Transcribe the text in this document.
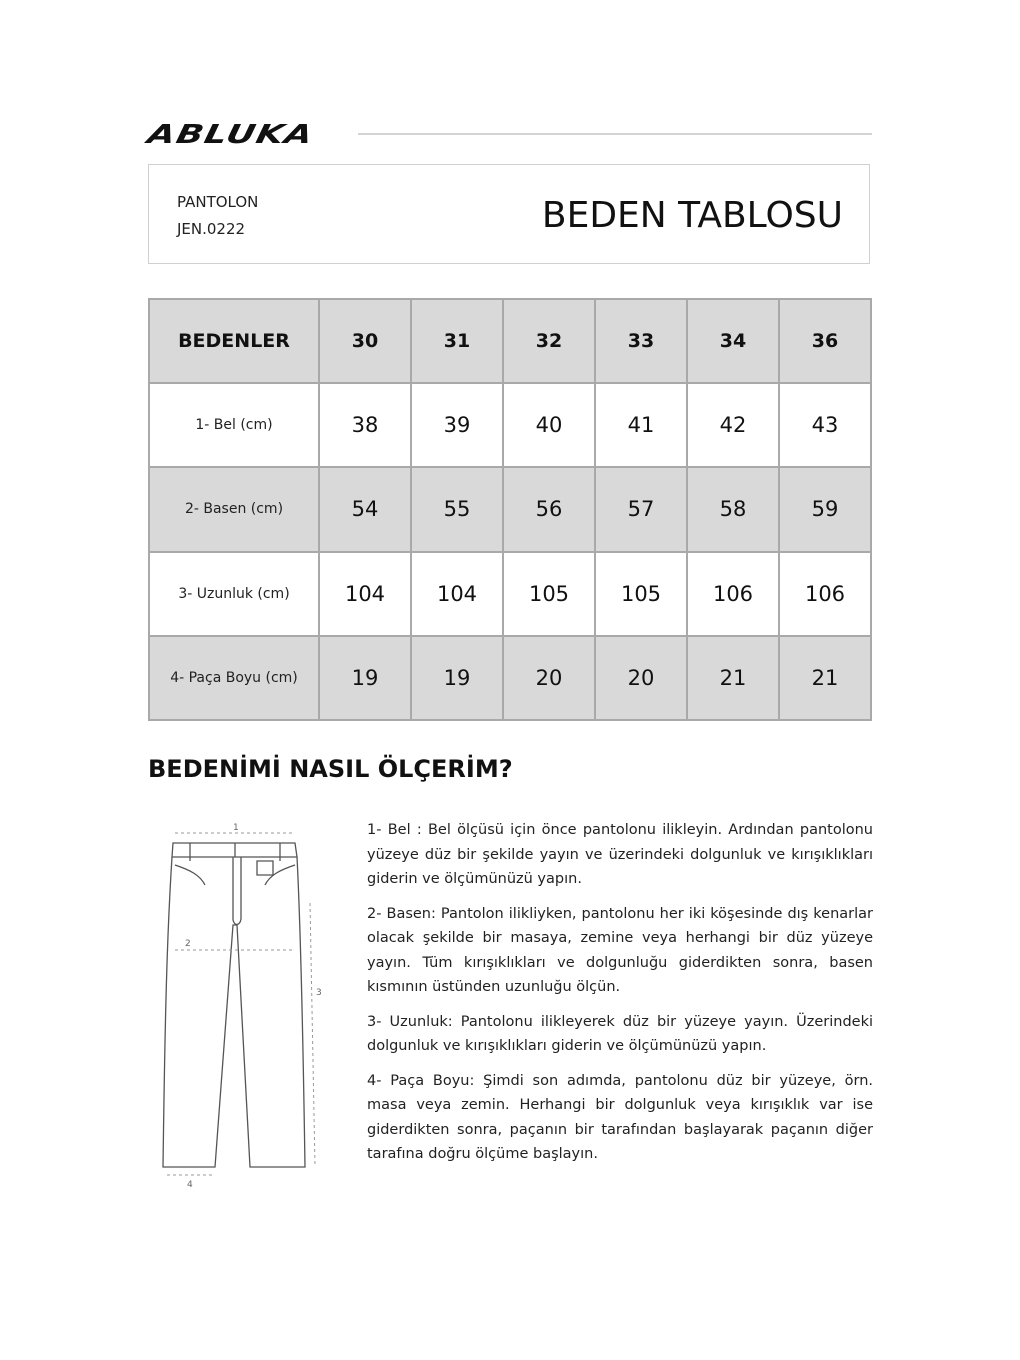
ABLUKA
PANTOLON
JEN.0222	BEDEN TABLOSU
BEDENLER	30	31	32	33	34	36
1- Bel (cm)	38	39	40	41	42	43
2- Basen (cm)	54	55	56	57	58	59
3- Uzunluk (cm)	104	104	105	105	106	106
4- Paça Boyu (cm)	19	19	20	20	21	21
BEDENİMİ NASIL ÖLÇERİM?
1
2
3
4

1- Bel : Bel ölçüsü için önce pantolonu ilikleyin. Ardından pantolonu yüzeye düz bir şekilde yayın ve üzerindeki dolgunluk ve kırışıklıkları giderin ve ölçümünüzü yapın.

2- Basen: Pantolon ilikliyken, pantolonu her iki köşesinde dış kenarlar olacak şekilde bir masaya, zemine veya herhangi bir düz yüzeye yayın. Tüm kırışıklıkları ve dolgunluğu giderdikten sonra, basen kısmının üstünden uzunluğu ölçün.

3- Uzunluk: Pantolonu ilikleyerek düz bir yüzeye yayın. Üzerindeki dolgunluk ve kırışıklıkları giderin ve ölçümünüzü yapın.

4- Paça Boyu: Şimdi son adımda, pantolonu düz bir yüzeye, örn. masa veya zemin. Herhangi bir dolgunluk veya kırışıklık var ise giderdikten sonra, paçanın bir tarafından başlayarak paçanın diğer tarafına doğru ölçüme başlayın.
